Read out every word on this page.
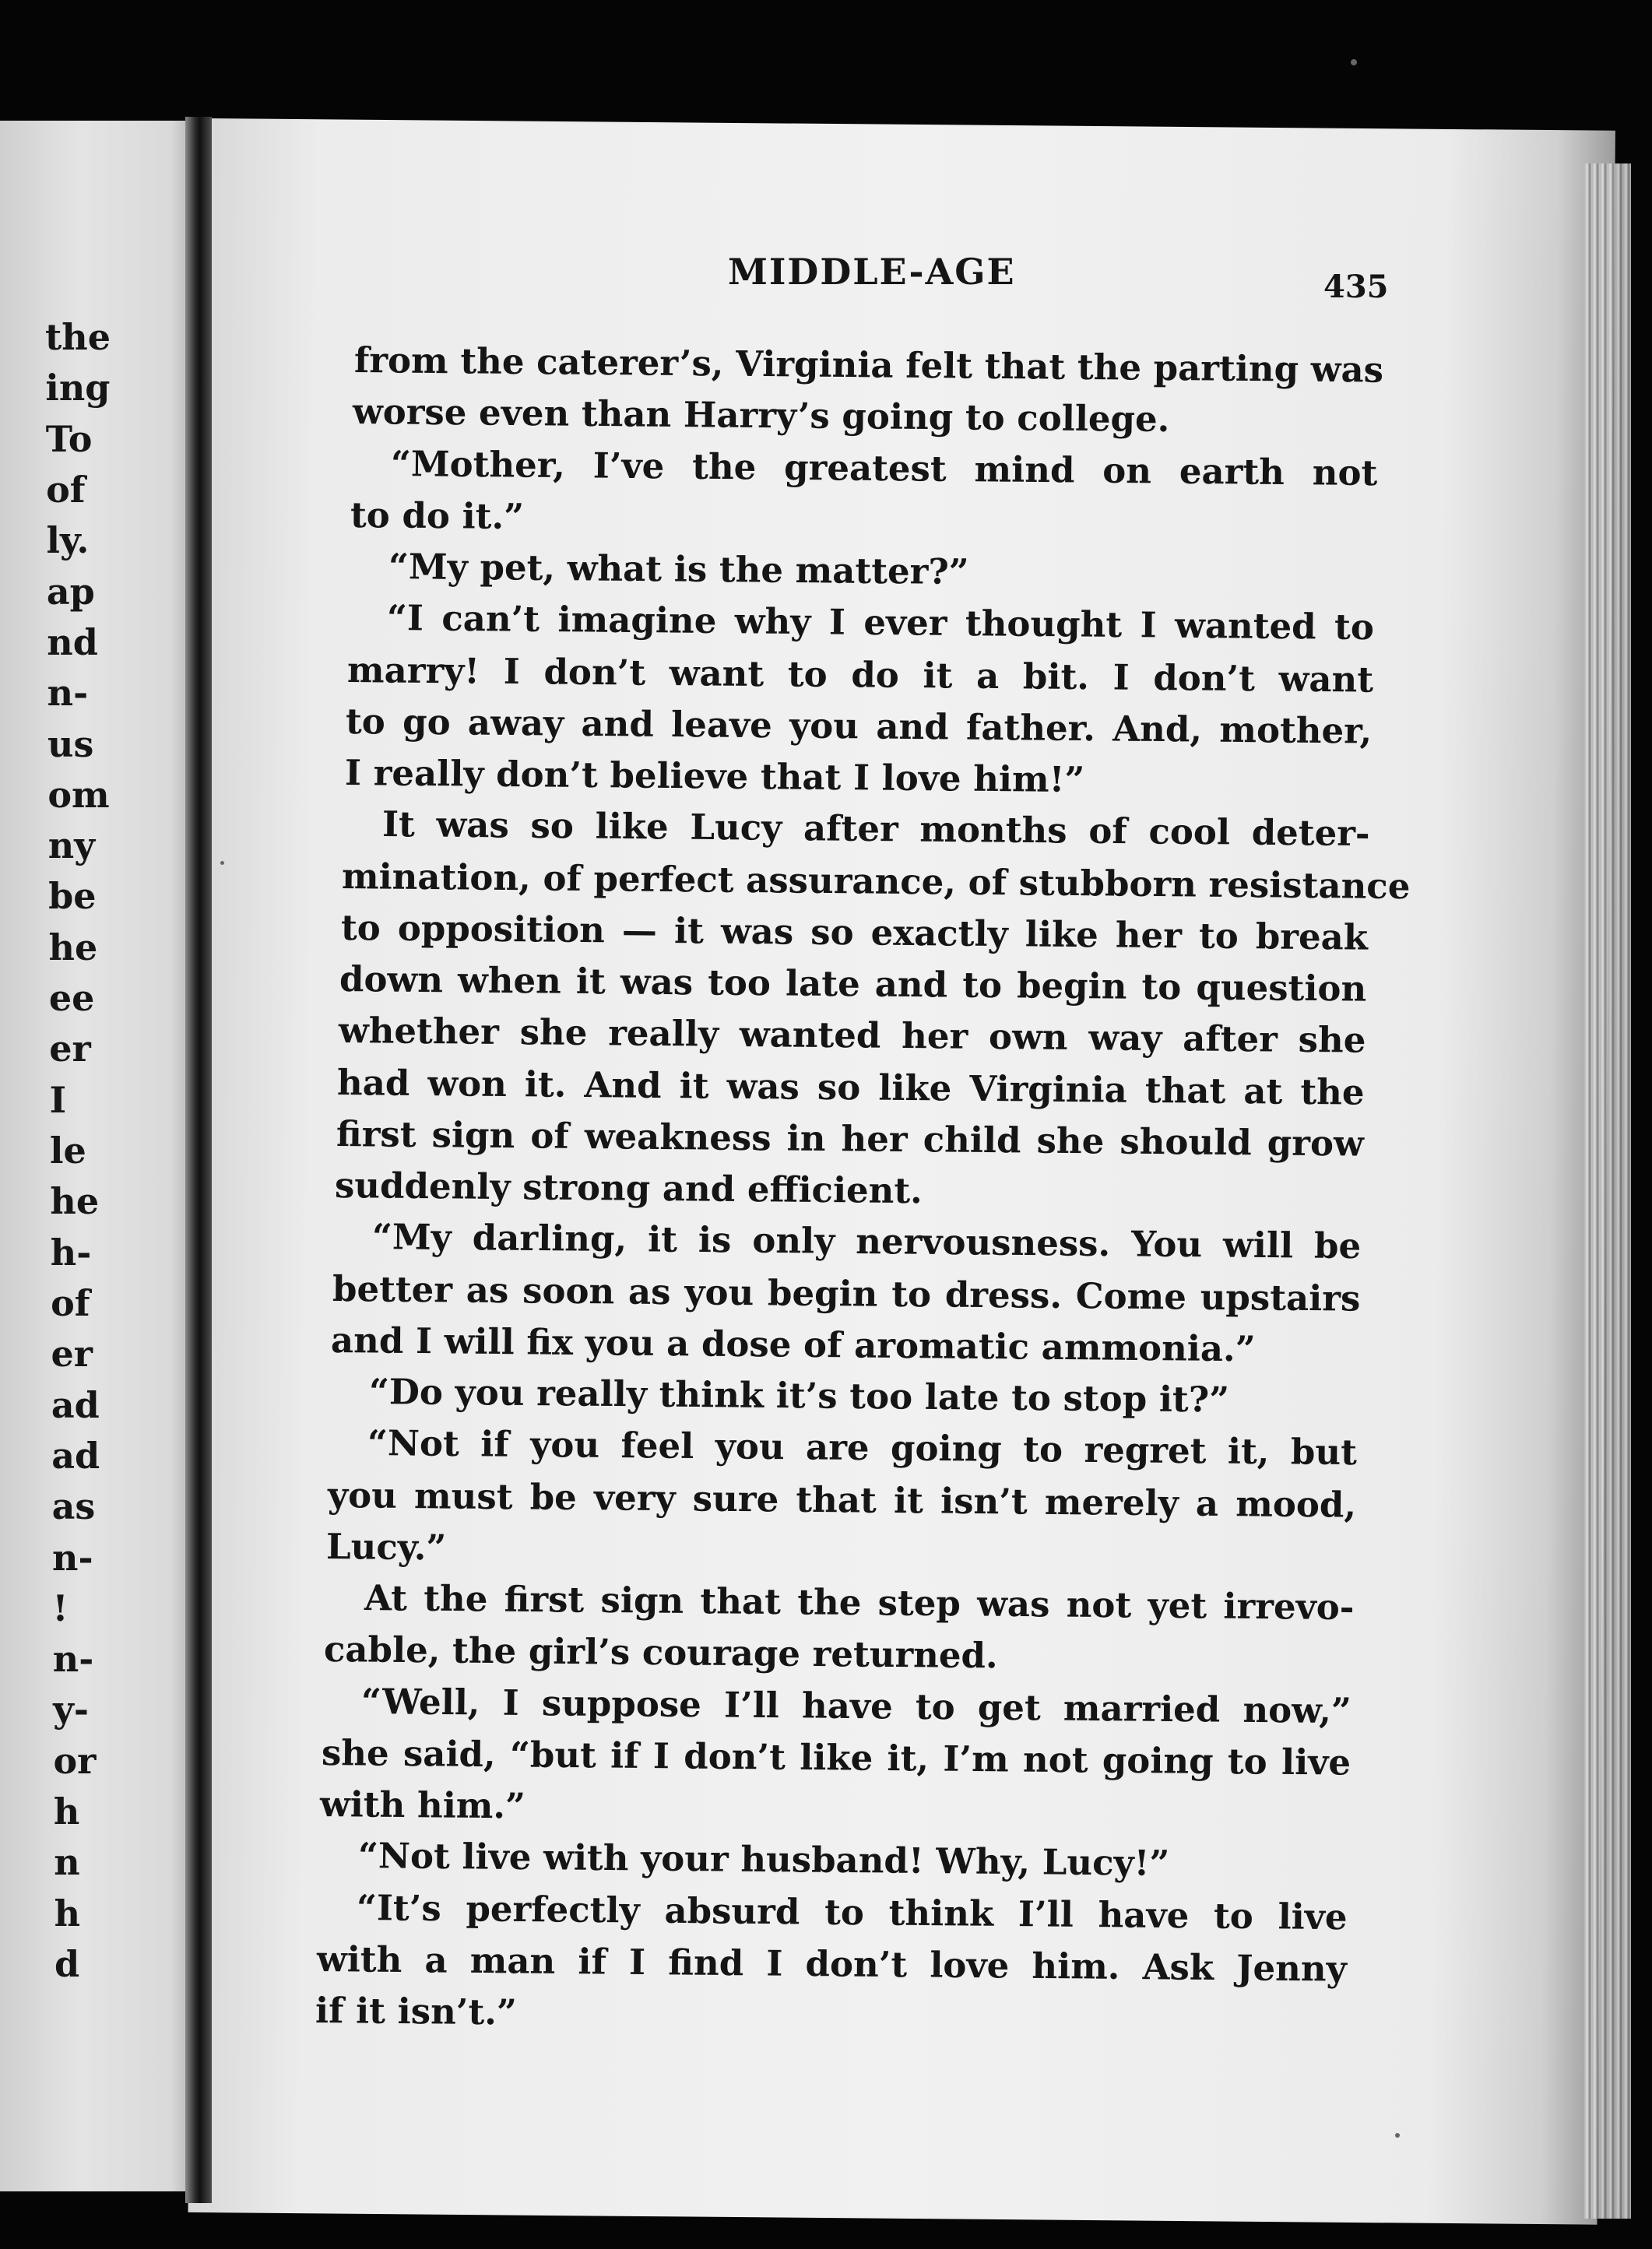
the
ing
To
of
ly.
ap
nd
n-
us
om
ny
be
he
ee
er
I
le
he
h-
of
er
ad
ad
as
n-
!
n-
y-
or
h
n
h
d
MIDDLE-AGE	435
from the caterer’s, Virginia felt that the parting was
worse even than Harry’s going to college.
“Mother, I’ve the greatest mind on earth not
to do it.”
“My pet, what is the matter?”
“I can’t imagine why I ever thought I wanted to
marry! I don’t want to do it a bit. I don’t want
to go away and leave you and father. And, mother,
I really don’t believe that I love him!”
It was so like Lucy after months of cool deter-
mination, of perfect assurance, of stubborn resistance
to opposition — it was so exactly like her to break
down when it was too late and to begin to question
whether she really wanted her own way after she
had won it. And it was so like Virginia that at the
first sign of weakness in her child she should grow
suddenly strong and efficient.
“My darling, it is only nervousness. You will be
better as soon as you begin to dress. Come upstairs
and I will fix you a dose of aromatic ammonia.”
“Do you really think it’s too late to stop it?”
“Not if you feel you are going to regret it, but
you must be very sure that it isn’t merely a mood,
Lucy.”
At the first sign that the step was not yet irrevo-
cable, the girl’s courage returned.
“Well, I suppose I’ll have to get married now,”
she said, “but if I don’t like it, I’m not going to live
with him.”
“Not live with your husband! Why, Lucy!”
“It’s perfectly absurd to think I’ll have to live
with a man if I find I don’t love him. Ask Jenny
if it isn’t.”
